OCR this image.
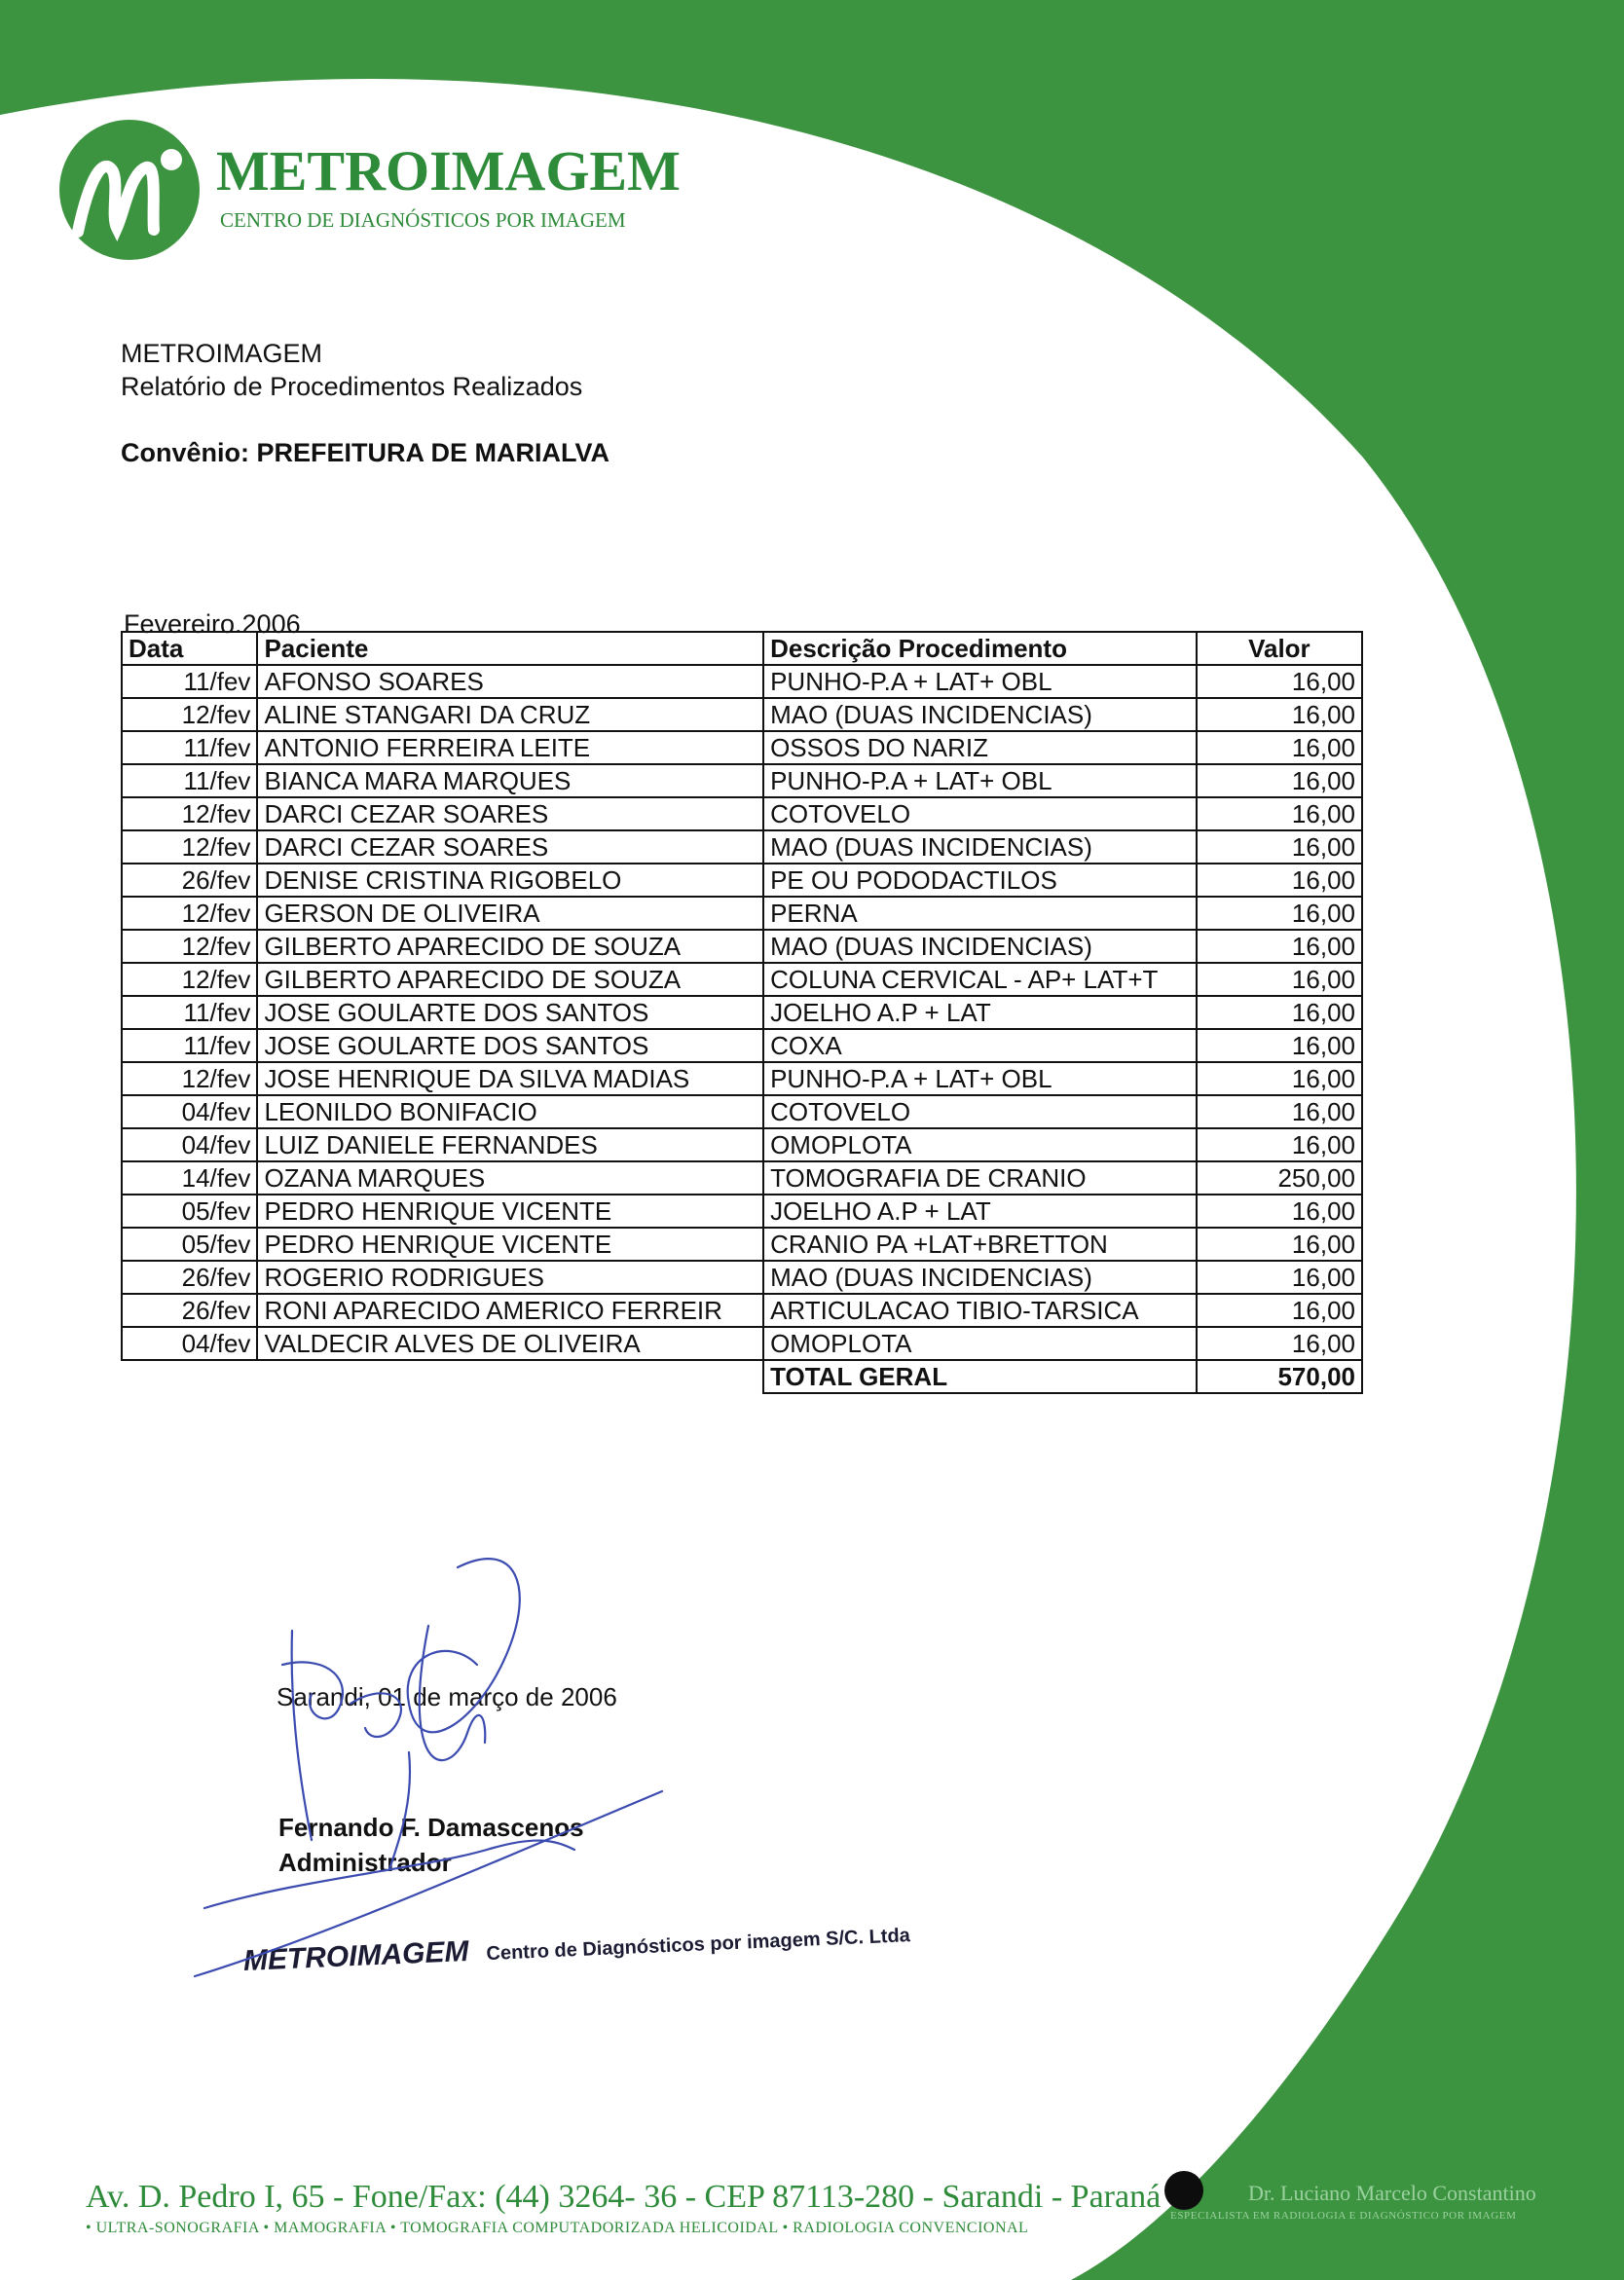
METROIMAGEM
CENTRO DE DIAGNÓSTICOS POR IMAGEM
METROIMAGEM
Relatório de Procedimentos Realizados
Convênio: PREFEITURA DE MARIALVA
Fevereiro.2006
Data	Paciente	Descrição Procedimento	Valor
11/fev	AFONSO SOARES	PUNHO-P.A + LAT+ OBL	16,00
12/fev	ALINE STANGARI DA CRUZ	MAO (DUAS INCIDENCIAS)	16,00
11/fev	ANTONIO FERREIRA LEITE	OSSOS DO NARIZ	16,00
11/fev	BIANCA MARA MARQUES	PUNHO-P.A + LAT+ OBL	16,00
12/fev	DARCI CEZAR SOARES	COTOVELO	16,00
12/fev	DARCI CEZAR SOARES	MAO (DUAS INCIDENCIAS)	16,00
26/fev	DENISE CRISTINA RIGOBELO	PE OU PODODACTILOS	16,00
12/fev	GERSON DE OLIVEIRA	PERNA	16,00
12/fev	GILBERTO APARECIDO DE SOUZA	MAO (DUAS INCIDENCIAS)	16,00
12/fev	GILBERTO APARECIDO DE SOUZA	COLUNA CERVICAL - AP+ LAT+T	16,00
11/fev	JOSE GOULARTE DOS SANTOS	JOELHO A.P + LAT	16,00
11/fev	JOSE GOULARTE DOS SANTOS	COXA	16,00
12/fev	JOSE HENRIQUE DA SILVA MADIAS	PUNHO-P.A + LAT+ OBL	16,00
04/fev	LEONILDO BONIFACIO	COTOVELO	16,00
04/fev	LUIZ DANIELE FERNANDES	OMOPLOTA	16,00
14/fev	OZANA MARQUES	TOMOGRAFIA DE CRANIO	250,00
05/fev	PEDRO HENRIQUE VICENTE	JOELHO A.P + LAT	16,00
05/fev	PEDRO HENRIQUE VICENTE	CRANIO PA +LAT+BRETTON	16,00
26/fev	ROGERIO RODRIGUES	MAO (DUAS INCIDENCIAS)	16,00
26/fev	RONI APARECIDO AMERICO FERREIR	ARTICULACAO TIBIO-TARSICA	16,00
04/fev	VALDECIR ALVES DE OLIVEIRA	OMOPLOTA	16,00
		TOTAL GERAL	570,00
Sarandi, 01 de março de 2006
Fernando F. Damascenos
Administrador
METROIMAGEM Centro de Diagnósticos por imagem S/C. Ltda
Av. D. Pedro I, 65 - Fone/Fax: (44) 3264- 36 - CEP 87113-280 - Sarandi - Paraná
• ULTRA-SONOGRAFIA • MAMOGRAFIA • TOMOGRAFIA COMPUTADORIZADA HELICOIDAL • RADIOLOGIA CONVENCIONAL
Dr. Luciano Marcelo Constantino
ESPECIALISTA EM RADIOLOGIA E DIAGNÓSTICO POR IMAGEM
